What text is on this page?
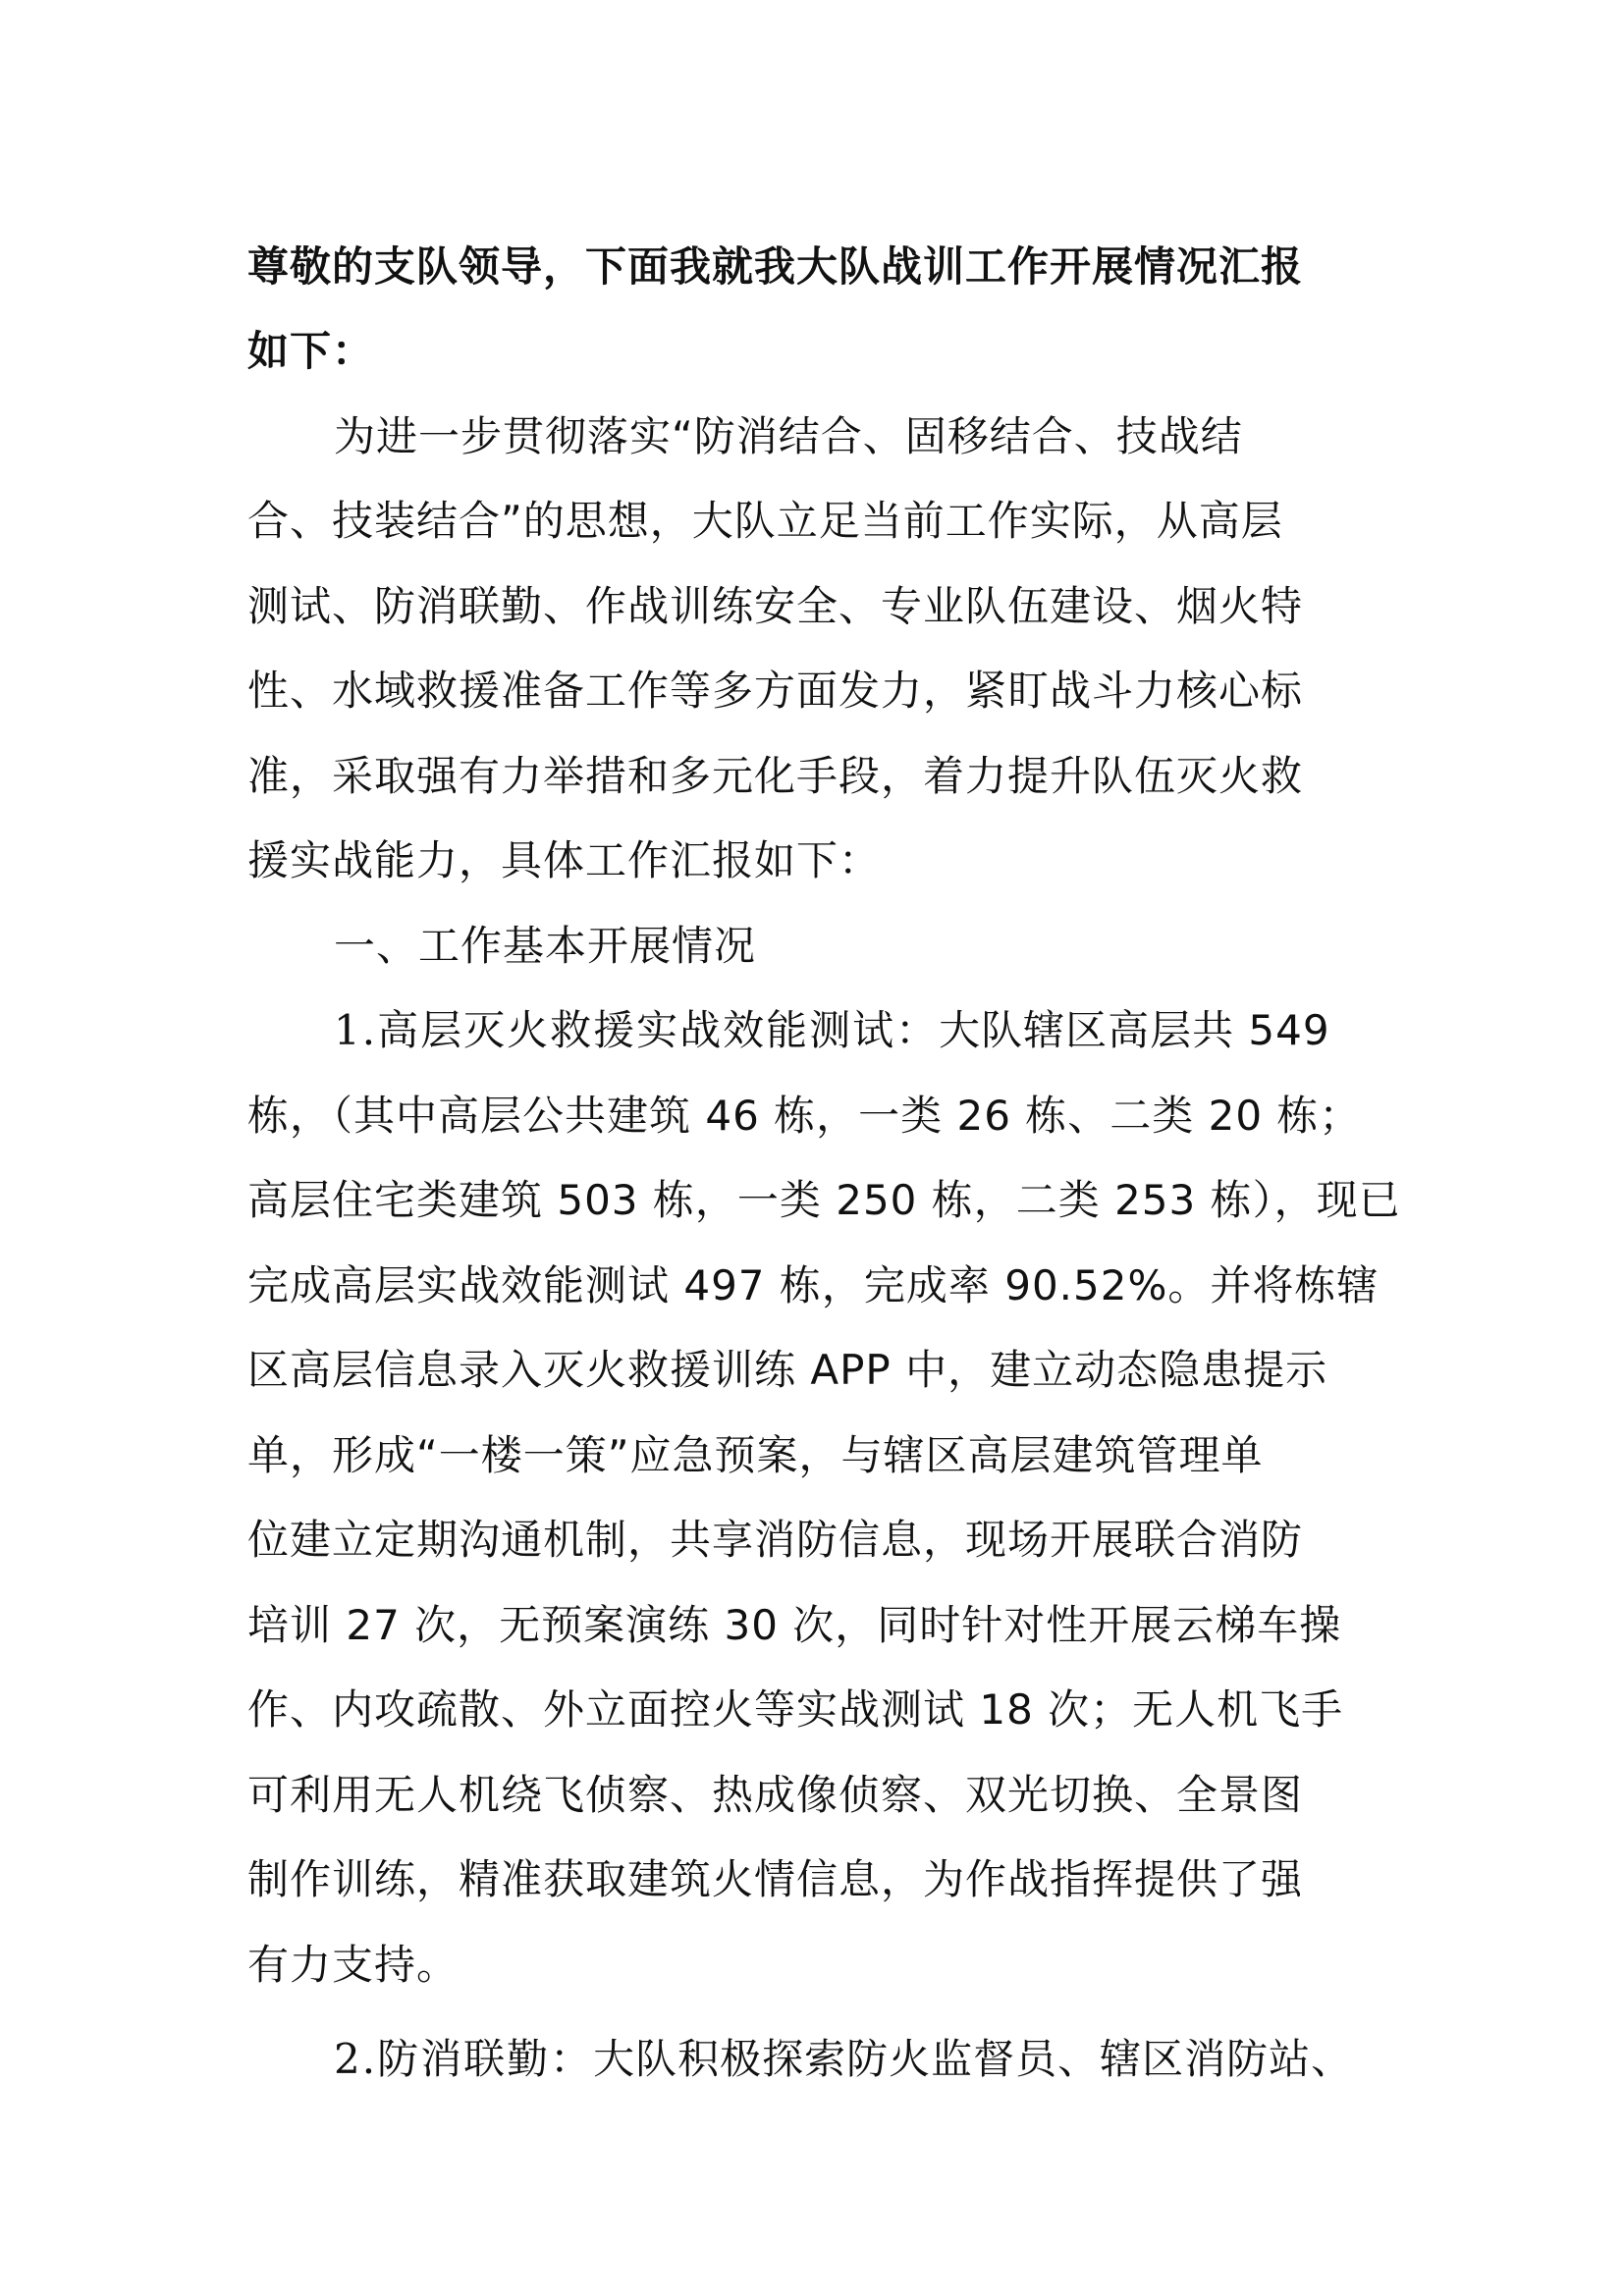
尊敬的支队领导，下面我就我大队战训工作开展情况汇报
如下：
为进一步贯彻落实“防消结合、固移结合、技战结
合、技装结合”的思想，大队立足当前工作实际，从高层
测试、防消联勤、作战训练安全、专业队伍建设、烟火特
性、水域救援准备工作等多方面发力，紧盯战斗力核心标
准，采取强有力举措和多元化手段，着力提升队伍灭火救
援实战能力，具体工作汇报如下：
一、工作基本开展情况
1.高层灭火救援实战效能测试：大队辖区高层共 549
栋，（其中高层公共建筑 46 栋，一类 26 栋、二类 20 栋；
高层住宅类建筑 503 栋，一类 250 栋，二类 253 栋），现已
完成高层实战效能测试 497 栋，完成率 90.52%。并将栋辖
区高层信息录入灭火救援训练 APP 中，建立动态隐患提示
单，形成“一楼一策”应急预案，与辖区高层建筑管理单
位建立定期沟通机制，共享消防信息，现场开展联合消防
培训 27 次，无预案演练 30 次，同时针对性开展云梯车操
作、内攻疏散、外立面控火等实战测试 18 次；无人机飞手
可利用无人机绕飞侦察、热成像侦察、双光切换、全景图
制作训练，精准获取建筑火情信息，为作战指挥提供了强
有力支持。
2.防消联勤：大队积极探索防火监督员、辖区消防站、
